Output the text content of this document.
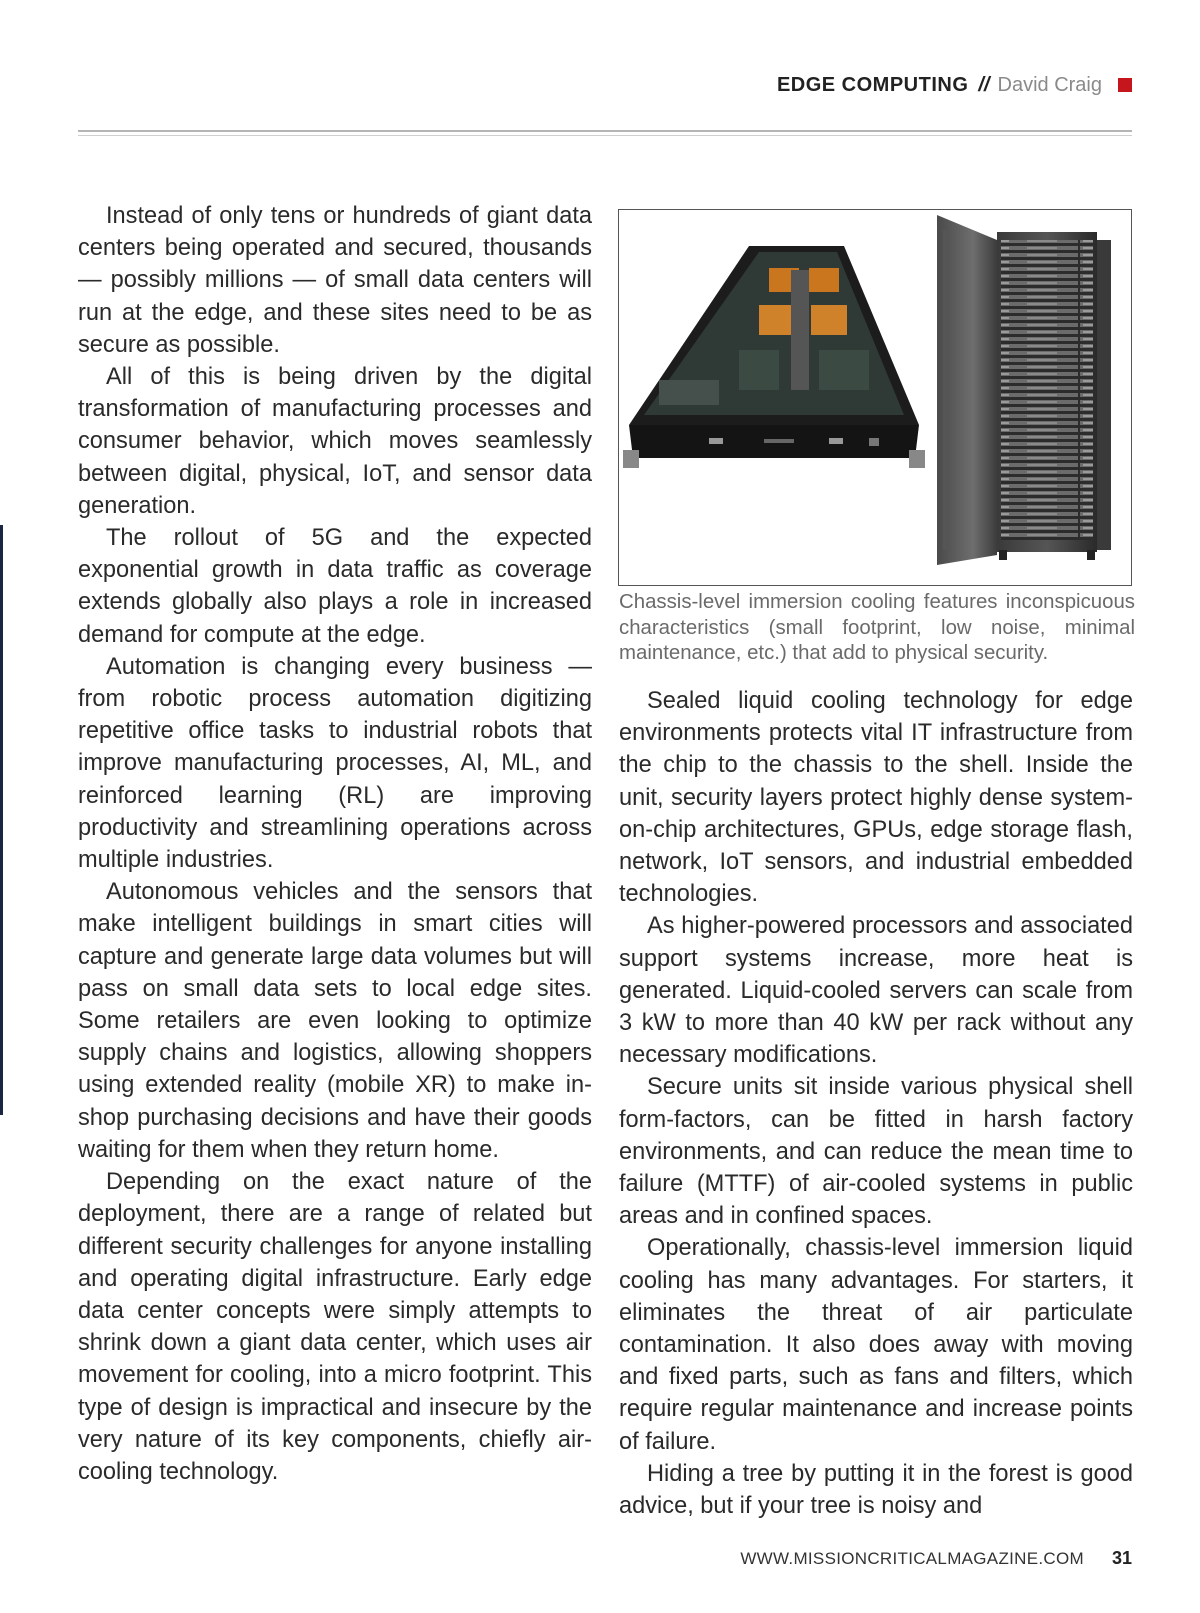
EDGE COMPUTING // David Craig

Instead of only tens or hundreds of giant data centers being operated and secured, thousands — possibly millions — of small data centers will run at the edge, and these sites need to be as secure as possible.

All of this is being driven by the digital transformation of manufacturing processes and consumer behavior, which moves seamlessly between digital, physical, IoT, and sensor data generation.

The rollout of 5G and the expected exponential growth in data traffic as coverage extends globally also plays a role in increased demand for compute at the edge.

Automation is changing every business — from robotic process automation digitizing repetitive office tasks to industrial robots that improve manufacturing processes, AI, ML, and reinforced learning (RL) are improving productivity and streamlining operations across multiple industries.

Autonomous vehicles and the sensors that make intelligent buildings in smart cities will capture and generate large data volumes but will pass on small data sets to local edge sites. Some retailers are even looking to optimize supply chains and logistics, allowing shoppers using extended reality (mobile XR) to make in-shop purchasing decisions and have their goods waiting for them when they return home.

Depending on the exact nature of the deployment, there are a range of related but different security challenges for anyone installing and operating digital infrastructure. Early edge data center concepts were simply attempts to shrink down a giant data center, which uses air movement for cooling, into a micro footprint. This type of design is impractical and insecure by the very nature of its key components, chiefly air-cooling technology.

Chassis-level immersion cooling features inconspicuous characteristics (small footprint, low noise, minimal maintenance, etc.) that add to physical security.

Sealed liquid cooling technology for edge environments protects vital IT infrastructure from the chip to the chassis to the shell. Inside the unit, security layers protect highly dense system-on-chip architectures, GPUs, edge storage flash, network, IoT sensors, and industrial embedded technologies.

As higher-powered processors and associated support systems increase, more heat is generated. Liquid-cooled servers can scale from 3 kW to more than 40 kW per rack without any necessary modifications.

Secure units sit inside various physical shell form-factors, can be fitted in harsh factory environments, and can reduce the mean time to failure (MTTF) of air-cooled systems in public areas and in confined spaces.

Operationally, chassis-level immersion liquid cooling has many advantages. For starters, it eliminates the threat of air particulate contamination. It also does away with moving and fixed parts, such as fans and filters, which require regular maintenance and increase points of failure.

Hiding a tree by putting it in the forest is good advice, but if your tree is noisy and

WWW.MISSIONCRITICALMAGAZINE.COM 31
